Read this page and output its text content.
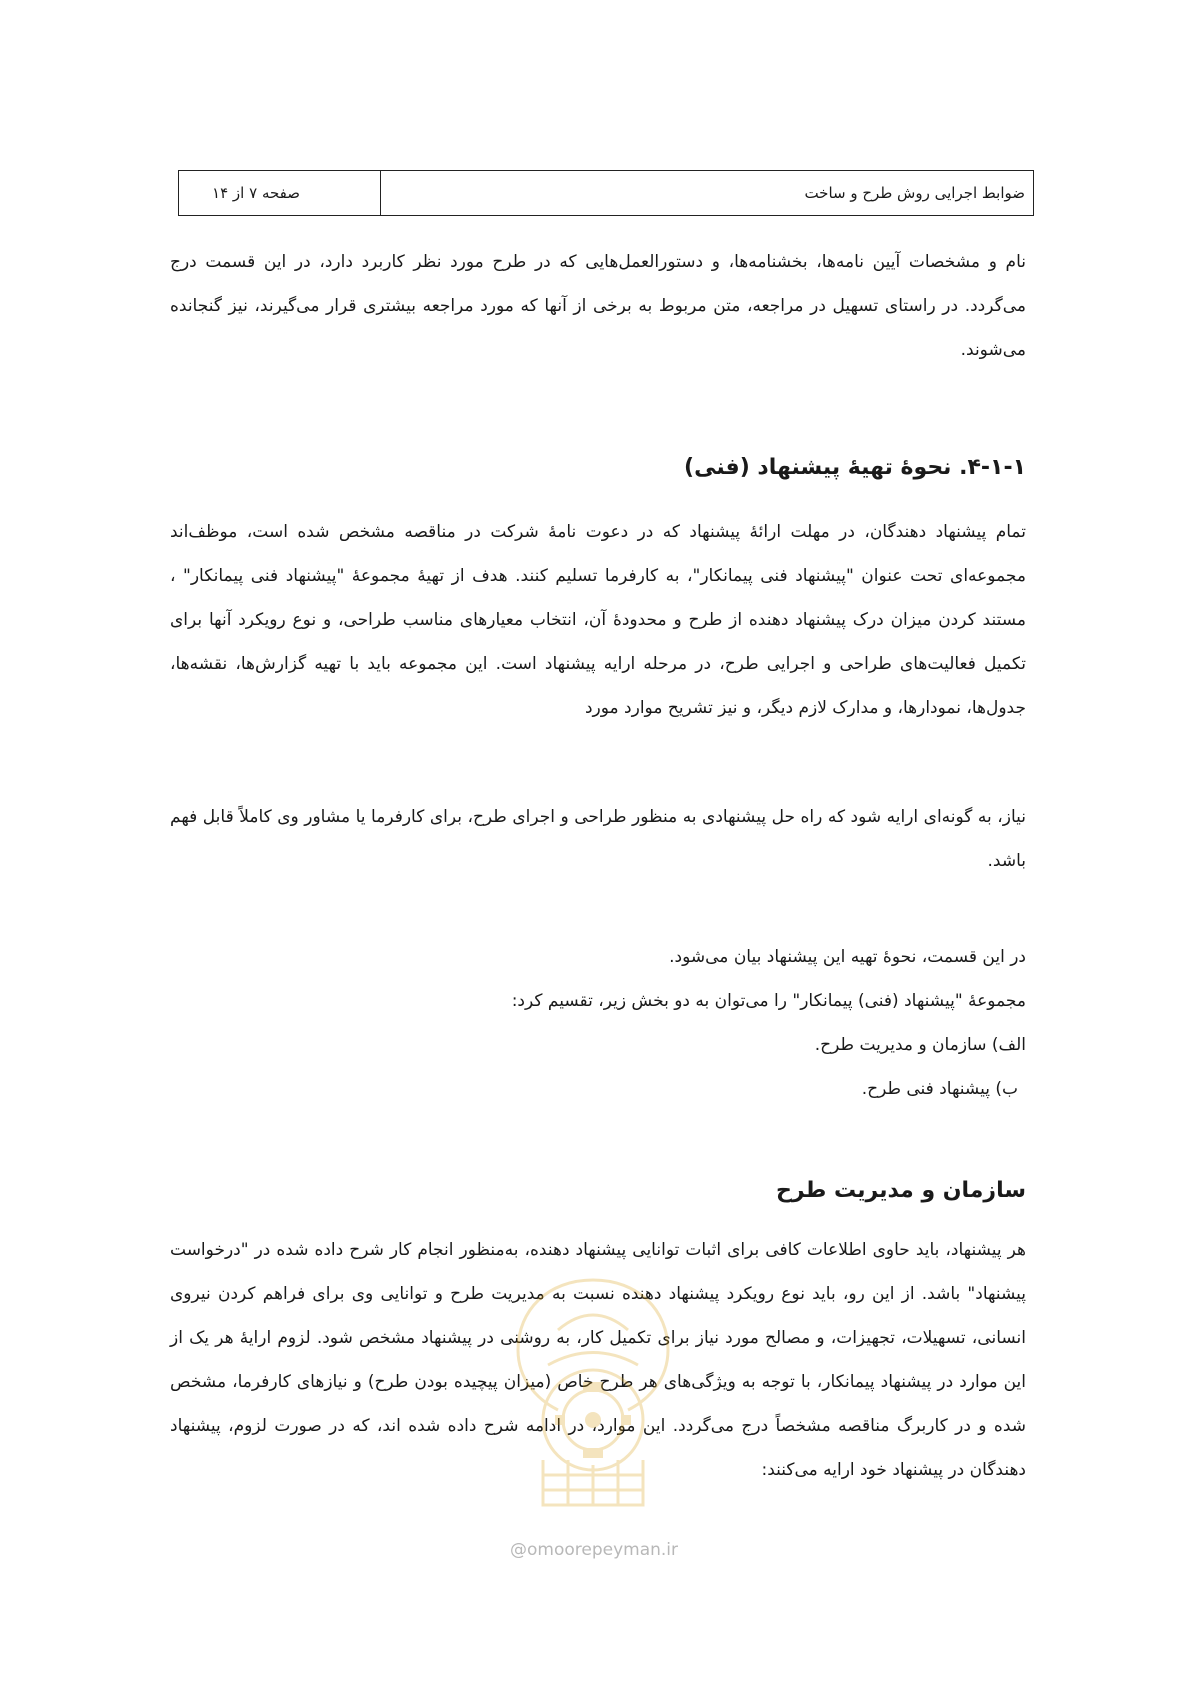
ضوابط اجرایی روش طرح و ساخت
صفحه ۷ از ۱۴
نام و مشخصات آیین نامه‌ها، بخشنامه‌ها، و دستورالعمل‌هایی که در طرح مورد نظر کاربرد دارد، در این قسمت درج می‌گردد. در راستای تسهیل در مراجعه، متن مربوط به برخی از آنها که مورد مراجعه بیشتری قرار می‌گیرند، نیز گنجانده می‌شوند.
۴-۱-۱. نحوهٔ تهیهٔ پیشنهاد (فنی)
تمام پیشنهاد دهندگان، در مهلت ارائهٔ پیشنهاد که در دعوت نامهٔ شرکت در مناقصه مشخص شده است، موظف‌اند مجموعه‌ای تحت عنوان "پیشنهاد فنی پیمانکار"، به کارفرما تسلیم کنند. هدف از تهیهٔ مجموعهٔ "پیشنهاد فنی پیمانکار" ، مستند کردن میزان درک پیشنهاد دهنده از طرح و محدودهٔ آن، انتخاب معیارهای مناسب طراحی، و نوع رویکرد آنها برای تکمیل فعالیت‌های طراحی و اجرایی طرح، در مرحله ارایه پیشنهاد است. این مجموعه باید با تهیه گزارش‌ها، نقشه‌ها، جدول‌ها، نمودارها، و مدارک لازم دیگر، و نیز تشریح موارد مورد
نیاز، به گونه‌ای ارایه شود که راه حل پیشنهادی به منظور طراحی و اجرای طرح، برای کارفرما یا مشاور وی کاملاً قابل فهم باشد.
در این قسمت، نحوهٔ تهیه این پیشنهاد بیان می‌شود.
مجموعهٔ "پیشنهاد (فنی) پیمانکار" را می‌توان به دو بخش زیر، تقسیم کرد:
الف) سازمان و مدیریت طرح.
ب) پیشنهاد فنی طرح.
سازمان و مدیریت طرح
هر پیشنهاد، باید حاوی اطلاعات کافی برای اثبات توانایی پیشنهاد دهنده، به‌منظور انجام کار شرح داده شده در "درخواست پیشنهاد" باشد. از این رو، باید نوع رویکرد پیشنهاد دهنده نسبت به مدیریت طرح و توانایی وی برای فراهم کردن نیروی انسانی، تسهیلات، تجهیزات، و مصالح مورد نیاز برای تکمیل کار، به روشنی در پیشنهاد مشخص شود. لزوم ارایهٔ هر یک از این موارد در پیشنهاد پیمانکار، با توجه به ویژگی‌های هر طرح خاص (میزان پیچیده بودن طرح) و نیازهای کارفرما، مشخص شده و در کاربرگ مناقصه مشخصاً درج می‌گردد. این موارد، در ادامه شرح داده شده اند، که در صورت لزوم، پیشنهاد دهندگان در پیشنهاد خود ارایه می‌کنند:
@omoorepeyman.ir
